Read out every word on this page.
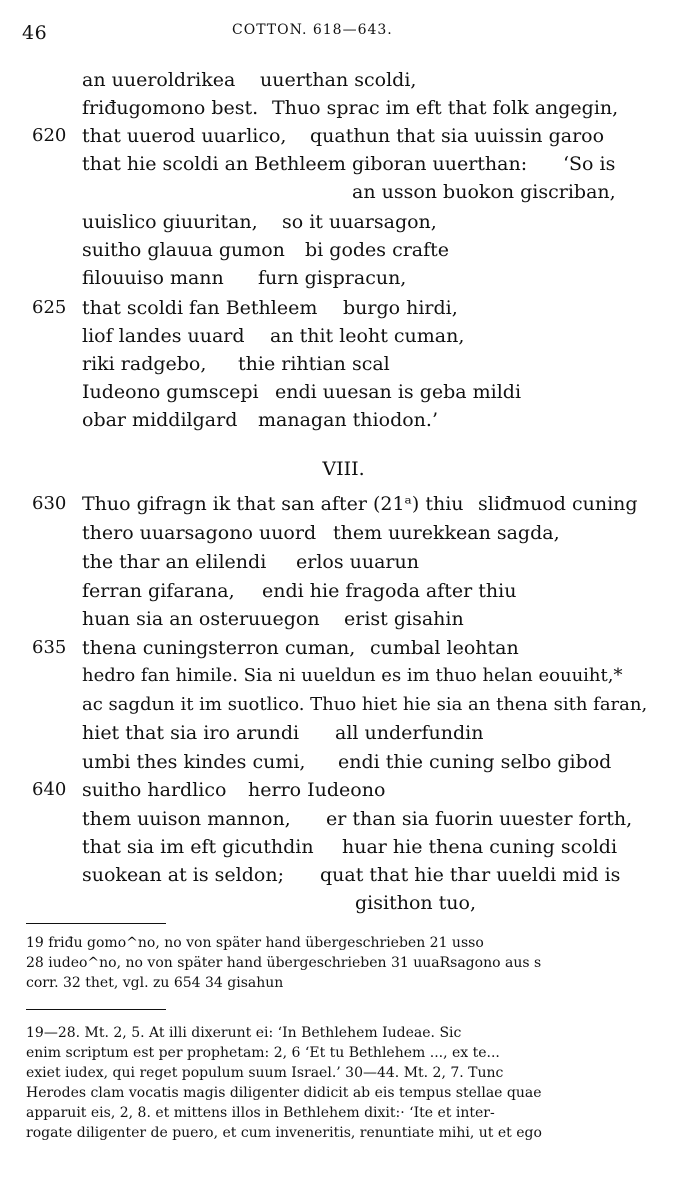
46	COTTON. 618—643.
an uueroldrikea uuerthan scoldi,
friđugomono best. Thuo sprac im eft that folk angegin,
620 that uuerod uuarlico, quathun that sia uuissin garoo
that hie scoldi an Bethleem giboran uuerthan: ‘So is
an usson buokon giscriban,
uuislico giuuritan, so it uuarsagon,
suitho glauua gumon bi godes crafte
filouuiso mann furn gispracun,
625 that scoldi fan Bethleem burgo hirdi,
liof landes uuard an thit leoht cuman,
riki radgebo, thie rihtian scal
Iudeono gumscepi endi uuesan is geba mildi
obar middilgard managan thiodon.’
VIII.
630 Thuo gifragn ik that san after (21ᵃ) thiu sliđmuod cuning
thero uuarsagono uuord them uurekkean sagda,
the thar an elilendi erlos uuarun
ferran gifarana, endi hie fragoda after thiu
huan sia an osteruuegon erist gisahin
635 thena cuningsterron cuman, cumbal leohtan
hedro fan himile. Sia ni uueldun es im thuo helan eouuiht,*
ac sagdun it im suotlico. Thuo hiet hie sia an thena sith faran,
hiet that sia iro arundi all underfundin
umbi thes kindes cumi, endi thie cuning selbo gibod
640 suitho hardlico herro Iudeono
them uuison mannon, er than sia fuorin uuester forth,
that sia im eft gicuthdin huar hie thena cuning scoldi
suokean at is seldon; quat that hie thar uueldi mid is
gisithon tuo,
19 friđu gomo^no, no von später hand übergeschrieben 21 usso
28 iudeo^no, no von später hand übergeschrieben 31 uuaRsagono aus s
corr. 32 thet, vgl. zu 654 34 gisahun
19—28. Mt. 2, 5. At illi dixerunt ei: ‘In Bethlehem Iudeae. Sic
enim scriptum est per prophetam: 2, 6 ‘Et tu Bethlehem ..., ex te...
exiet iudex, qui reget populum suum Israel.’ 30—44. Mt. 2, 7. Tunc
Herodes clam vocatis magis diligenter didicit ab eis tempus stellae quae
apparuit eis, 2, 8. et mittens illos in Bethlehem dixit:· ‘Ite et inter-
rogate diligenter de puero, et cum inveneritis, renuntiate mihi, ut et ego
